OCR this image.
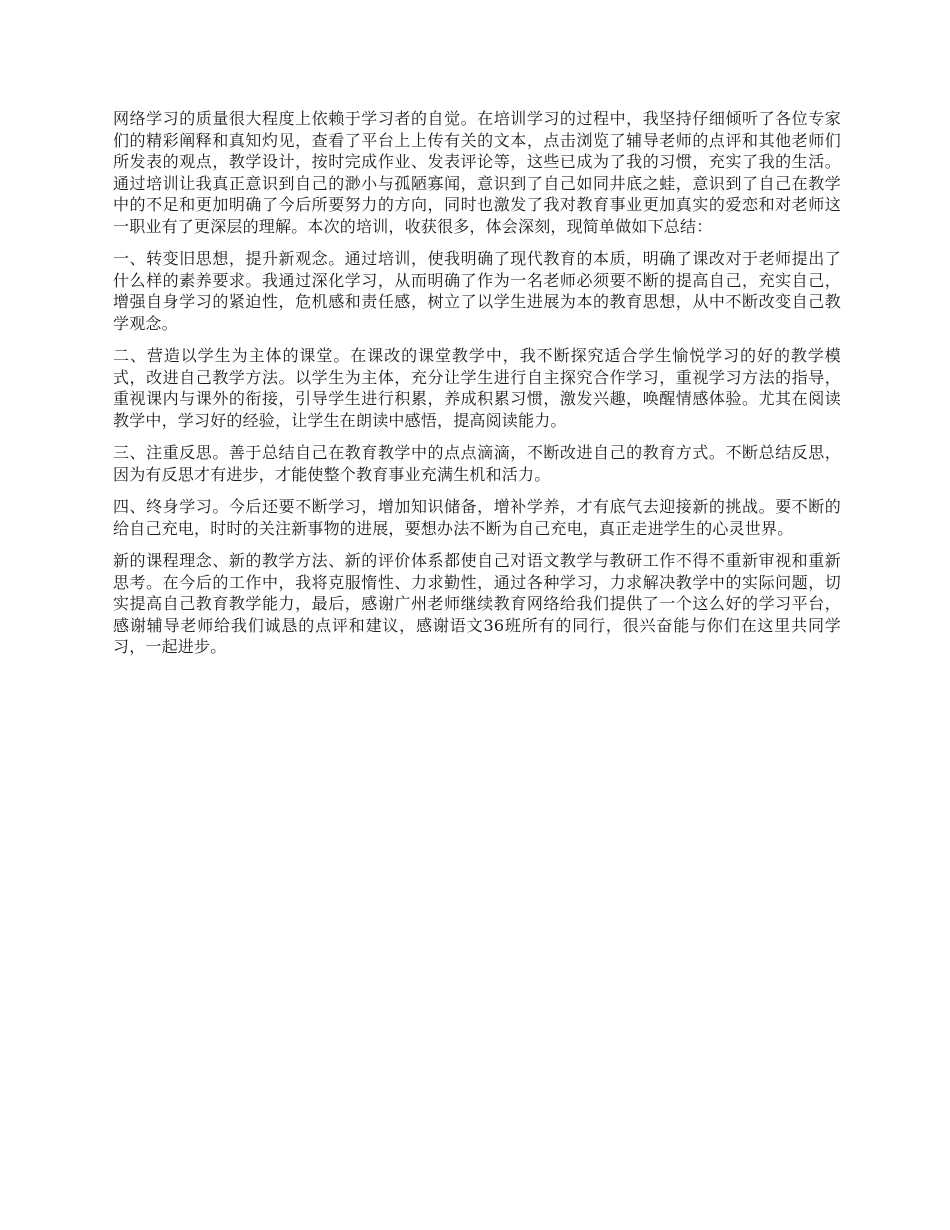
网络学习的质量很大程度上依赖于学习者的自觉。在培训学习的过程中，我坚持仔细倾听了各位专家们的精彩阐释和真知灼见，查看了平台上上传有关的文本，点击浏览了辅导老师的点评和其他老师们所发表的观点，教学设计，按时完成作业、发表评论等，这些已成为了我的习惯，充实了我的生活。通过培训让我真正意识到自己的渺小与孤陋寡闻，意识到了自己如同井底之蛙，意识到了自己在教学中的不足和更加明确了今后所要努力的方向，同时也激发了我对教育事业更加真实的爱恋和对老师这一职业有了更深层的理解。本次的培训，收获很多，体会深刻，现简单做如下总结：

一、转变旧思想，提升新观念。通过培训，使我明确了现代教育的本质，明确了课改对于老师提出了什么样的素养要求。我通过深化学习，从而明确了作为一名老师必须要不断的提高自己，充实自己，增强自身学习的紧迫性，危机感和责任感，树立了以学生进展为本的教育思想，从中不断改变自己教学观念。

二、营造以学生为主体的课堂。在课改的课堂教学中，我不断探究适合学生愉悦学习的好的教学模式，改进自己教学方法。以学生为主体，充分让学生进行自主探究合作学习，重视学习方法的指导，重视课内与课外的衔接，引导学生进行积累，养成积累习惯，激发兴趣，唤醒情感体验。尤其在阅读教学中，学习好的经验，让学生在朗读中感悟，提高阅读能力。

三、注重反思。善于总结自己在教育教学中的点点滴滴，不断改进自己的教育方式。不断总结反思，因为有反思才有进步，才能使整个教育事业充满生机和活力。

四、终身学习。今后还要不断学习，增加知识储备，增补学养，才有底气去迎接新的挑战。要不断的给自己充电，时时的关注新事物的进展，要想办法不断为自己充电，真正走进学生的心灵世界。

新的课程理念、新的教学方法、新的评价体系都使自己对语文教学与教研工作不得不重新审视和重新思考。在今后的工作中，我将克服惰性、力求勤性，通过各种学习，力求解决教学中的实际问题，切实提高自己教育教学能力，最后，感谢广州老师继续教育网络给我们提供了一个这么好的学习平台，感谢辅导老师给我们诚恳的点评和建议，感谢语文36班所有的同行，很兴奋能与你们在这里共同学习，一起进步。
